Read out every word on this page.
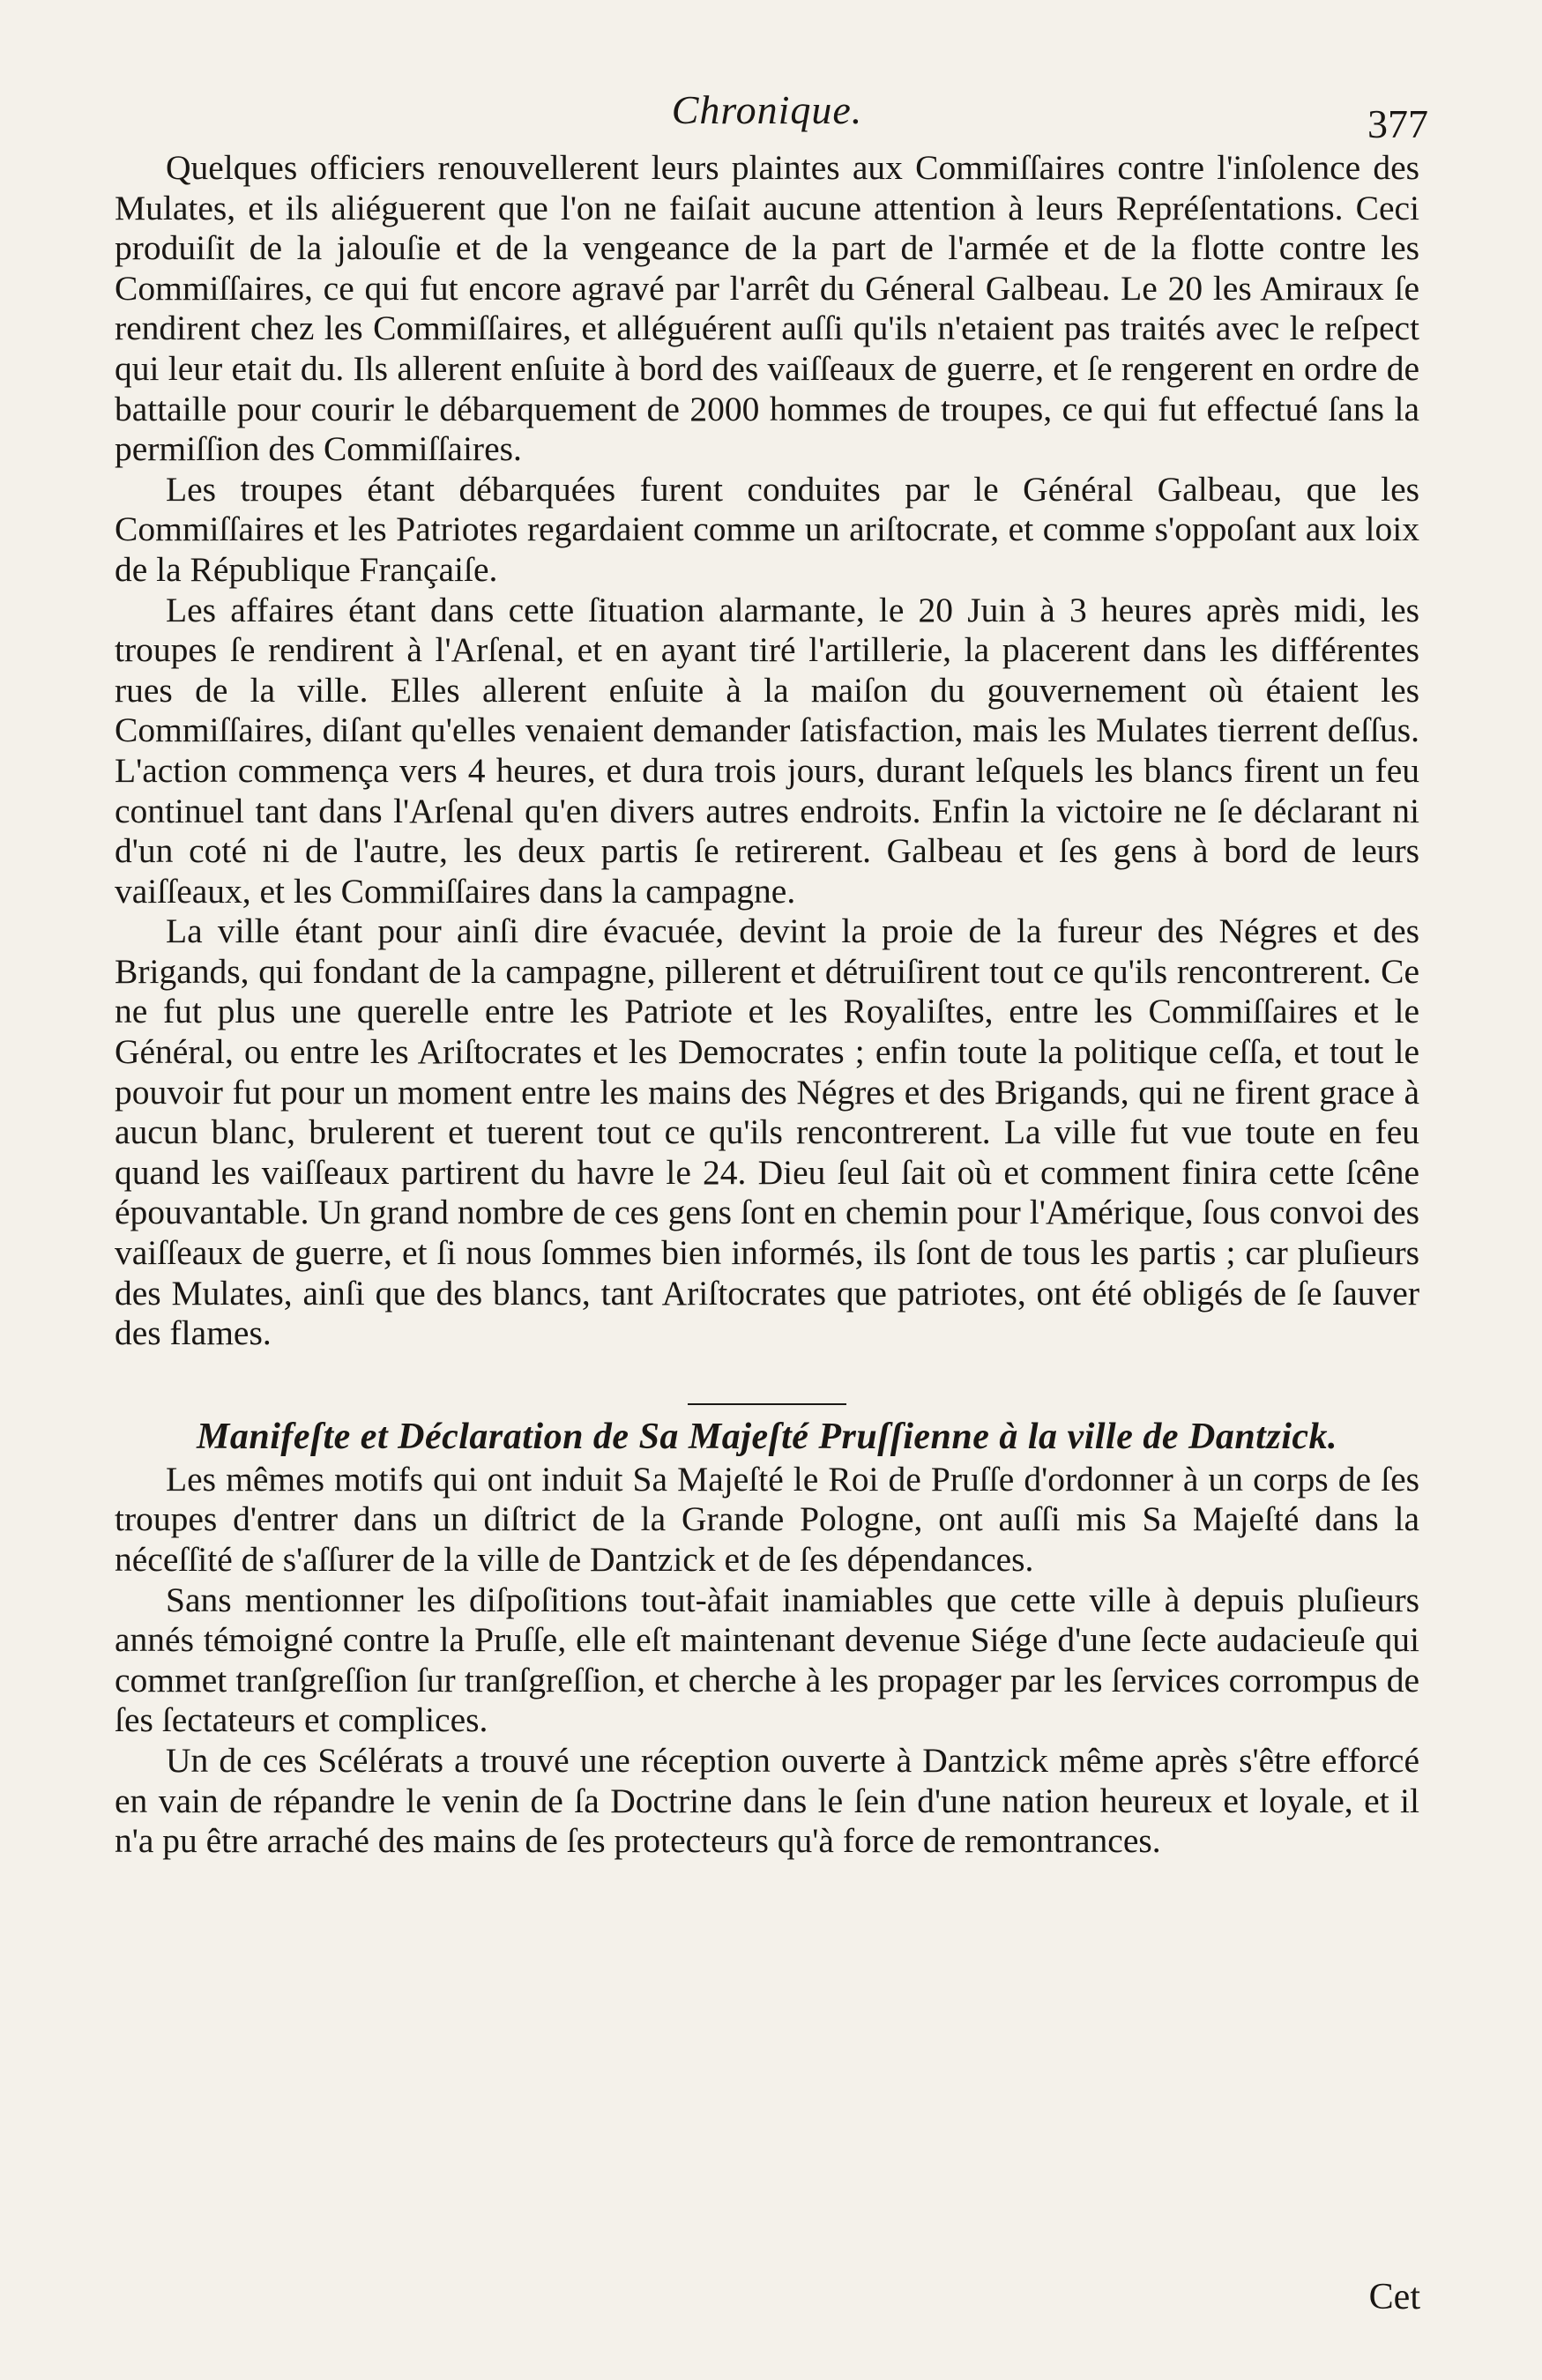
Chronique.	377

Quelques officiers renouvellerent leurs plaintes aux Commiſſaires contre l'inſolence des Mulates, et ils aliéguerent que l'on ne faiſait aucune attention à leurs Repréſentations. Ceci produiſit de la jalouſie et de la vengeance de la part de l'armée et de la flotte contre les Commiſſaires, ce qui fut encore agravé par l'arrêt du Géneral Galbeau. Le 20 les Amiraux ſe rendirent chez les Commiſſaires, et alléguérent auſſi qu'ils n'etaient pas traités avec le reſpect qui leur etait du. Ils allerent enſuite à bord des vaiſſeaux de guerre, et ſe rengerent en ordre de battaille pour courir le débarquement de 2000 hommes de troupes, ce qui fut effectué ſans la permiſſion des Commiſſaires.

Les troupes étant débarquées furent conduites par le Général Galbeau, que les Commiſſaires et les Patriotes regardaient comme un ariſtocrate, et comme s'oppoſant aux loix de la République Françaiſe.

Les affaires étant dans cette ſituation alarmante, le 20 Juin à 3 heures après midi, les troupes ſe rendirent à l'Arſenal, et en ayant tiré l'artillerie, la placerent dans les différentes rues de la ville. Elles allerent enſuite à la maiſon du gouvernement où étaient les Commiſſaires, diſant qu'elles venaient demander ſatisfaction, mais les Mulates tierrent deſſus. L'action commença vers 4 heures, et dura trois jours, durant leſquels les blancs firent un feu continuel tant dans l'Arſenal qu'en divers autres endroits. Enfin la victoire ne ſe déclarant ni d'un coté ni de l'autre, les deux partis ſe retirerent. Galbeau et ſes gens à bord de leurs vaiſſeaux, et les Commiſſaires dans la campagne.

La ville étant pour ainſi dire évacuée, devint la proie de la fureur des Négres et des Brigands, qui fondant de la campagne, pillerent et détruiſirent tout ce qu'ils rencontrerent. Ce ne fut plus une querelle entre les Patriote et les Royaliſtes, entre les Commiſſaires et le Général, ou entre les Ariſtocrates et les Democrates ; enfin toute la politique ceſſa, et tout le pouvoir fut pour un moment entre les mains des Négres et des Brigands, qui ne firent grace à aucun blanc, brulerent et tuerent tout ce qu'ils rencontrerent. La ville fut vue toute en feu quand les vaiſſeaux partirent du havre le 24. Dieu ſeul ſait où et comment finira cette ſcêne épouvantable. Un grand nombre de ces gens ſont en chemin pour l'Amérique, ſous convoi des vaiſſeaux de guerre, et ſi nous ſommes bien informés, ils ſont de tous les partis ; car pluſieurs des Mulates, ainſi que des blancs, tant Ariſtocrates que patriotes, ont été obligés de ſe ſauver des flames.

Manifeſte et Déclaration de Sa Majeſté Pruſſienne à la ville de Dantzick.

Les mêmes motifs qui ont induit Sa Majeſté le Roi de Pruſſe d'ordonner à un corps de ſes troupes d'entrer dans un diſtrict de la Grande Pologne, ont auſſi mis Sa Majeſté dans la néceſſité de s'aſſurer de la ville de Dantzick et de ſes dépendances.

Sans mentionner les diſpoſitions tout-àfait inamiables que cette ville à depuis pluſieurs annés témoigné contre la Pruſſe, elle eſt maintenant devenue Siége d'une ſecte audacieuſe qui commet tranſgreſſion ſur tranſgreſſion, et cherche à les propager par les ſervices corrompus de ſes ſectateurs et complices.

Un de ces Scélérats a trouvé une réception ouverte à Dantzick même après s'être efforcé en vain de répandre le venin de ſa Doctrine dans le ſein d'une nation heureux et loyale, et il n'a pu être arraché des mains de ſes protecteurs qu'à force de remontrances.

Cet
